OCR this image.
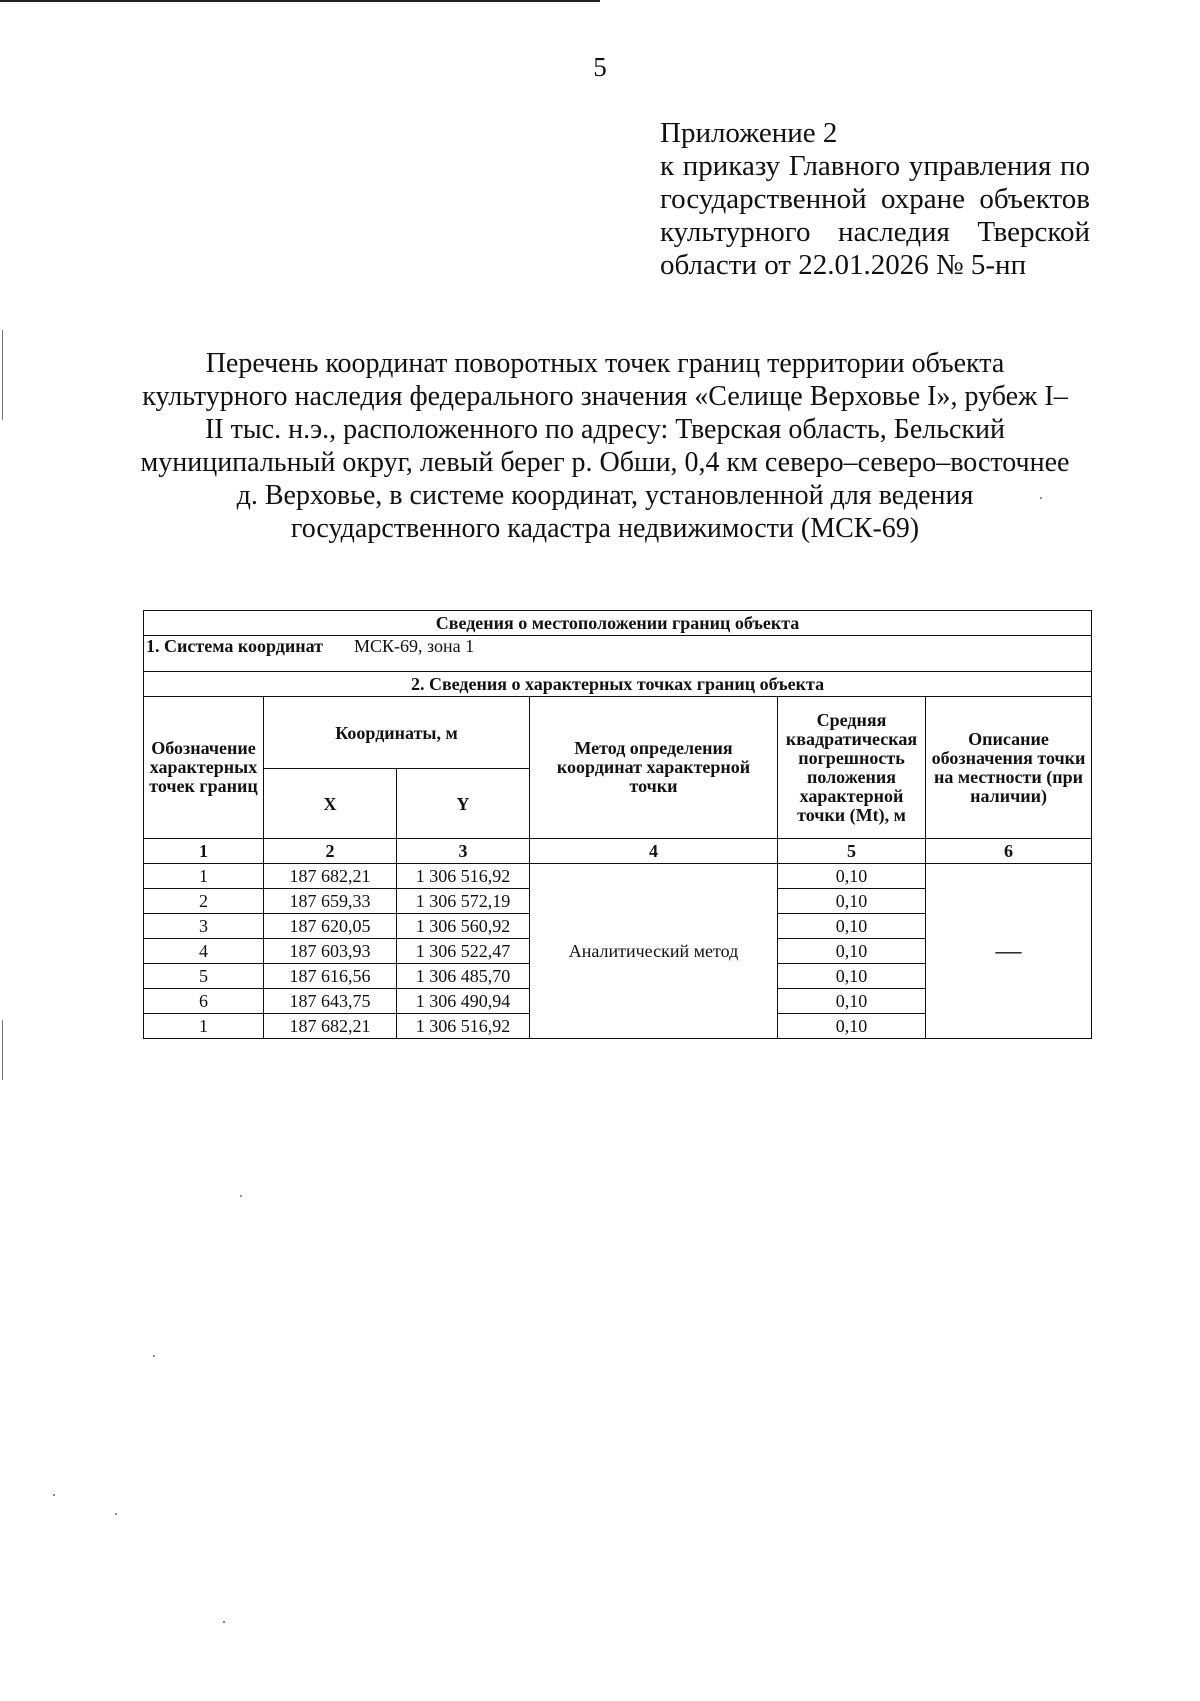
5
Приложение 2
к приказу Главного управления по
государственной охране объектов
культурного наследия Тверской
области от 22.01.2026 № 5-нп
Перечень координат поворотных точек границ территории объекта
культурного наследия федерального значения «Селище Верховье I», рубеж I–
II тыс. н.э., расположенного по адресу: Тверская область, Бельский
муниципальный округ, левый берег р. Обши, 0,4 км северо–северо–восточнее
д. Верховье, в системе координат, установленной для ведения
государственного кадастра недвижимости (МСК-69)
Сведения о местоположении границ объекта					
1. Система координат МСК-69, зона 1					
2. Сведения о характерных точках границ объекта					
Обозначение характерных точек границ	Координаты, м		Метод определения координат характерной точки	Средняя квадратическая погрешность положения характерной точки (Mt), м	Описание обозначения точки на местности (при наличии)
	X	Y			
1	2	3	4	5	6
1	187 682,21	1 306 516,92	Аналитический метод	0,10	—
2	187 659,33	1 306 572,19		0,10	
3	187 620,05	1 306 560,92		0,10	
4	187 603,93	1 306 522,47		0,10	
5	187 616,56	1 306 485,70		0,10	
6	187 643,75	1 306 490,94		0,10	
1	187 682,21	1 306 516,92		0,10	
